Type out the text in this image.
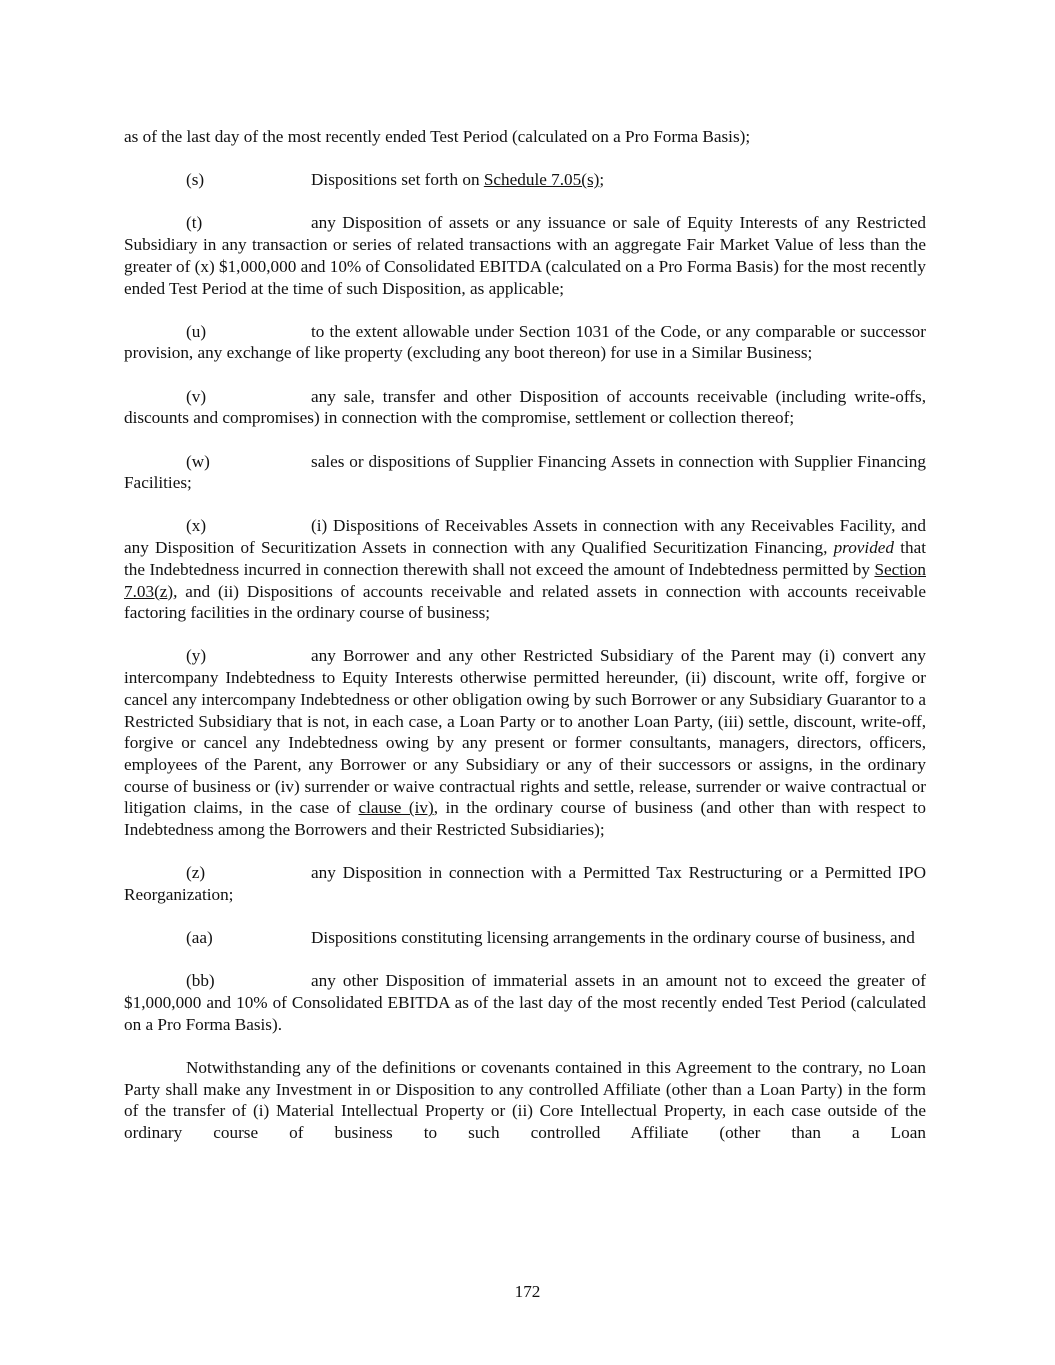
as of the last day of the most recently ended Test Period (calculated on a Pro Forma Basis);

(s)	Dispositions set forth on Schedule 7.05(s);

(t)	any Disposition of assets or any issuance or sale of Equity Interests of any Restricted Subsidiary in any transaction or series of related transactions with an aggregate Fair Market Value of less than the greater of (x) $1,000,000 and 10% of Consolidated EBITDA (calculated on a Pro Forma Basis) for the most recently ended Test Period at the time of such Disposition, as applicable;

(u)	to the extent allowable under Section 1031 of the Code, or any comparable or successor provision, any exchange of like property (excluding any boot thereon) for use in a Similar Business;

(v)	any sale, transfer and other Disposition of accounts receivable (including write-offs, discounts and compromises) in connection with the compromise, settlement or collection thereof;

(w)	sales or dispositions of Supplier Financing Assets in connection with Supplier Financing Facilities;

(x)	(i) Dispositions of Receivables Assets in connection with any Receivables Facility, and any Disposition of Securitization Assets in connection with any Qualified Securitization Financing, provided that the Indebtedness incurred in connection therewith shall not exceed the amount of Indebtedness permitted by Section 7.03(z), and (ii) Dispositions of accounts receivable and related assets in connection with accounts receivable factoring facilities in the ordinary course of business;

(y)	any Borrower and any other Restricted Subsidiary of the Parent may (i) convert any intercompany Indebtedness to Equity Interests otherwise permitted hereunder, (ii) discount, write off, forgive or cancel any intercompany Indebtedness or other obligation owing by such Borrower or any Subsidiary Guarantor to a Restricted Subsidiary that is not, in each case, a Loan Party or to another Loan Party, (iii) settle, discount, write-off, forgive or cancel any Indebtedness owing by any present or former consultants, managers, directors, officers, employees of the Parent, any Borrower or any Subsidiary or any of their successors or assigns, in the ordinary course of business or (iv) surrender or waive contractual rights and settle, release, surrender or waive contractual or litigation claims, in the case of clause (iv), in the ordinary course of business (and other than with respect to Indebtedness among the Borrowers and their Restricted Subsidiaries);

(z)	any Disposition in connection with a Permitted Tax Restructuring or a Permitted IPO Reorganization;

(aa)	Dispositions constituting licensing arrangements in the ordinary course of business, and

(bb)	any other Disposition of immaterial assets in an amount not to exceed the greater of $1,000,000 and 10% of Consolidated EBITDA as of the last day of the most recently ended Test Period (calculated on a Pro Forma Basis).

Notwithstanding any of the definitions or covenants contained in this Agreement to the contrary, no Loan Party shall make any Investment in or Disposition to any controlled Affiliate (other than a Loan Party) in the form of the transfer of (i) Material Intellectual Property or (ii) Core Intellectual Property, in each case outside of the ordinary course of business to such controlled Affiliate (other than a Loan

172
